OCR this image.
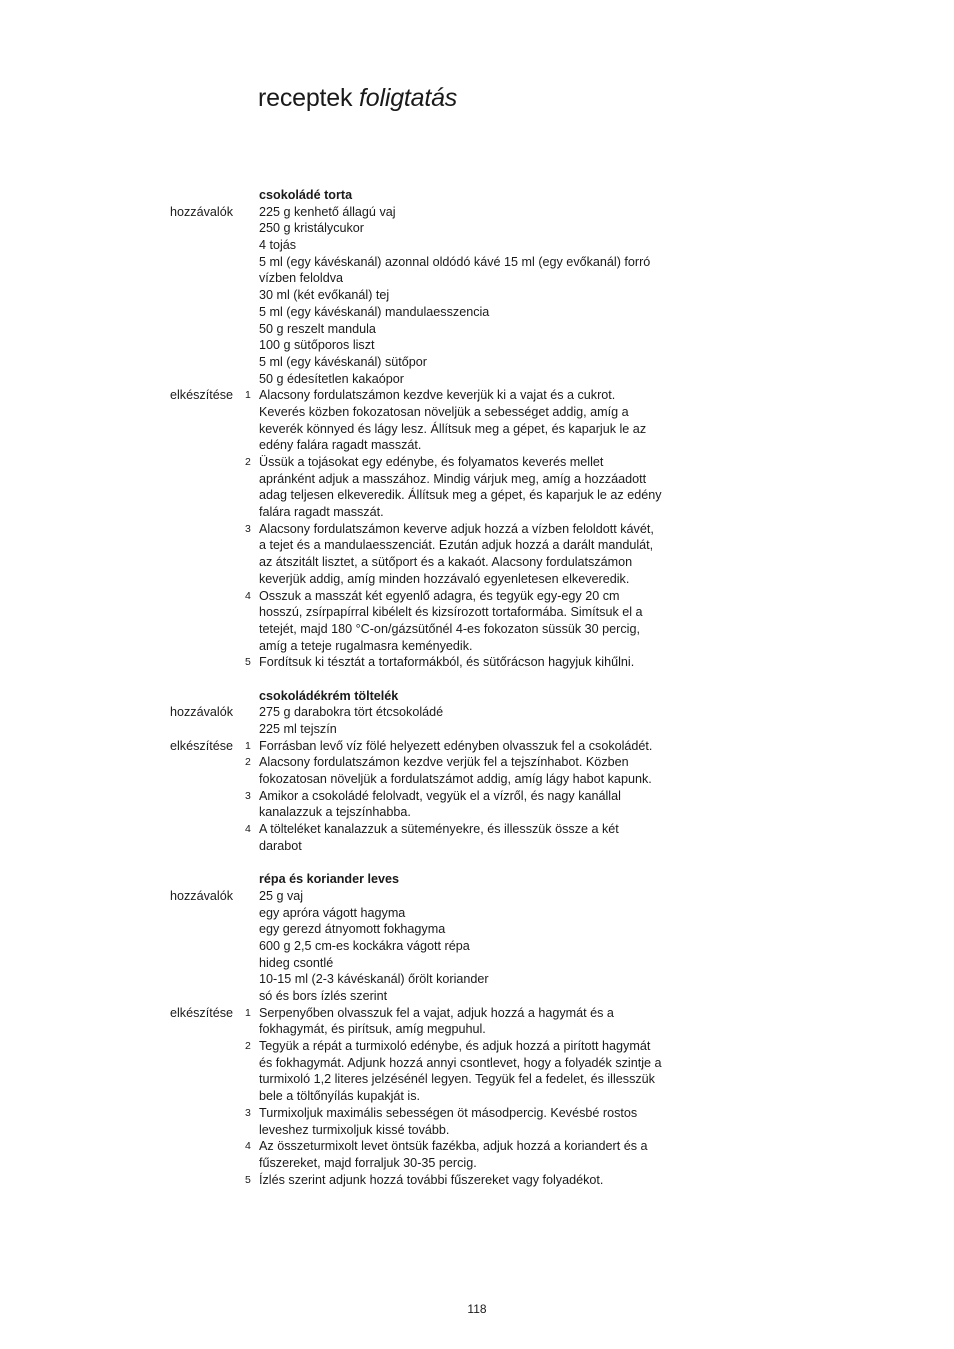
receptek foligtatás
csokoládé torta
hozzávalók 225 g kenhető állagú vaj
250 g kristálycukor
4 tojás
5 ml (egy kávéskanál) azonnal oldódó kávé 15 ml (egy evőkanál) forró
vízben feloldva
30 ml (két evőkanál) tej
5 ml (egy kávéskanál) mandulaesszencia
50 g reszelt mandula
100 g sütőporos liszt
5 ml (egy kávéskanál) sütőpor
50 g édesítetlen kakaópor
elkészítése 1 Alacsony fordulatszámon kezdve keverjük ki a vajat és a cukrot.
Keverés közben fokozatosan növeljük a sebességet addig, amíg a
keverék könnyed és lágy lesz. Állítsuk meg a gépet, és kaparjuk le az
edény falára ragadt masszát.
2 Üssük a tojásokat egy edénybe, és folyamatos keverés mellet
apránként adjuk a masszához. Mindig várjuk meg, amíg a hozzáadott
adag teljesen elkeveredik. Állítsuk meg a gépet, és kaparjuk le az edény
falára ragadt masszát.
3 Alacsony fordulatszámon keverve adjuk hozzá a vízben feloldott kávét,
a tejet és a mandulaesszenciát. Ezután adjuk hozzá a darált mandulát,
az átszitált lisztet, a sütőport és a kakaót. Alacsony fordulatszámon
keverjük addig, amíg minden hozzávaló egyenletesen elkeveredik.
4 Osszuk a masszát két egyenlő adagra, és tegyük egy-egy 20 cm
hosszú, zsírpapírral kibélelt és kizsírozott tortaformába. Simítsuk el a
tetejét, majd 180 °C-on/gázsütőnél 4-es fokozaton süssük 30 percig,
amíg a teteje rugalmasra keményedik.
5 Fordítsuk ki tésztát a tortaformákból, és sütőrácson hagyjuk kihűlni.
csokoládékrém töltelék
hozzávalók 275 g darabokra tört étcsokoládé
225 ml tejszín
elkészítése 1 Forrásban levő víz fölé helyezett edényben olvasszuk fel a csokoládét.
2 Alacsony fordulatszámon kezdve verjük fel a tejszínhabot. Közben
fokozatosan növeljük a fordulatszámot addig, amíg lágy habot kapunk.
3 Amikor a csokoládé felolvadt, vegyük el a vízről, és nagy kanállal
kanalazzuk a tejszínhabba.
4 A tölteléket kanalazzuk a süteményekre, és illesszük össze a két
darabot
répa és koriander leves
hozzávalók 25 g vaj
egy apróra vágott hagyma
egy gerezd átnyomott fokhagyma
600 g 2,5 cm-es kockákra vágott répa
hideg csontlé
10-15 ml (2-3 kávéskanál) őrölt koriander
só és bors ízlés szerint
elkészítése 1 Serpenyőben olvasszuk fel a vajat, adjuk hozzá a hagymát és a
fokhagymát, és pirítsuk, amíg megpuhul.
2 Tegyük a répát a turmixoló edénybe, és adjuk hozzá a pirított hagymát
és fokhagymát. Adjunk hozzá annyi csontlevet, hogy a folyadék szintje a
turmixoló 1,2 literes jelzésénél legyen. Tegyük fel a fedelet, és illesszük
bele a töltőnyílás kupakját is.
3 Turmixoljuk maximális sebességen öt másodpercig. Kevésbé rostos
leveshez turmixoljuk kissé tovább.
4 Az összeturmixolt levet öntsük fazékba, adjuk hozzá a koriandert és a
fűszereket, majd forraljuk 30-35 percig.
5 Ízlés szerint adjunk hozzá további fűszereket vagy folyadékot.
118
